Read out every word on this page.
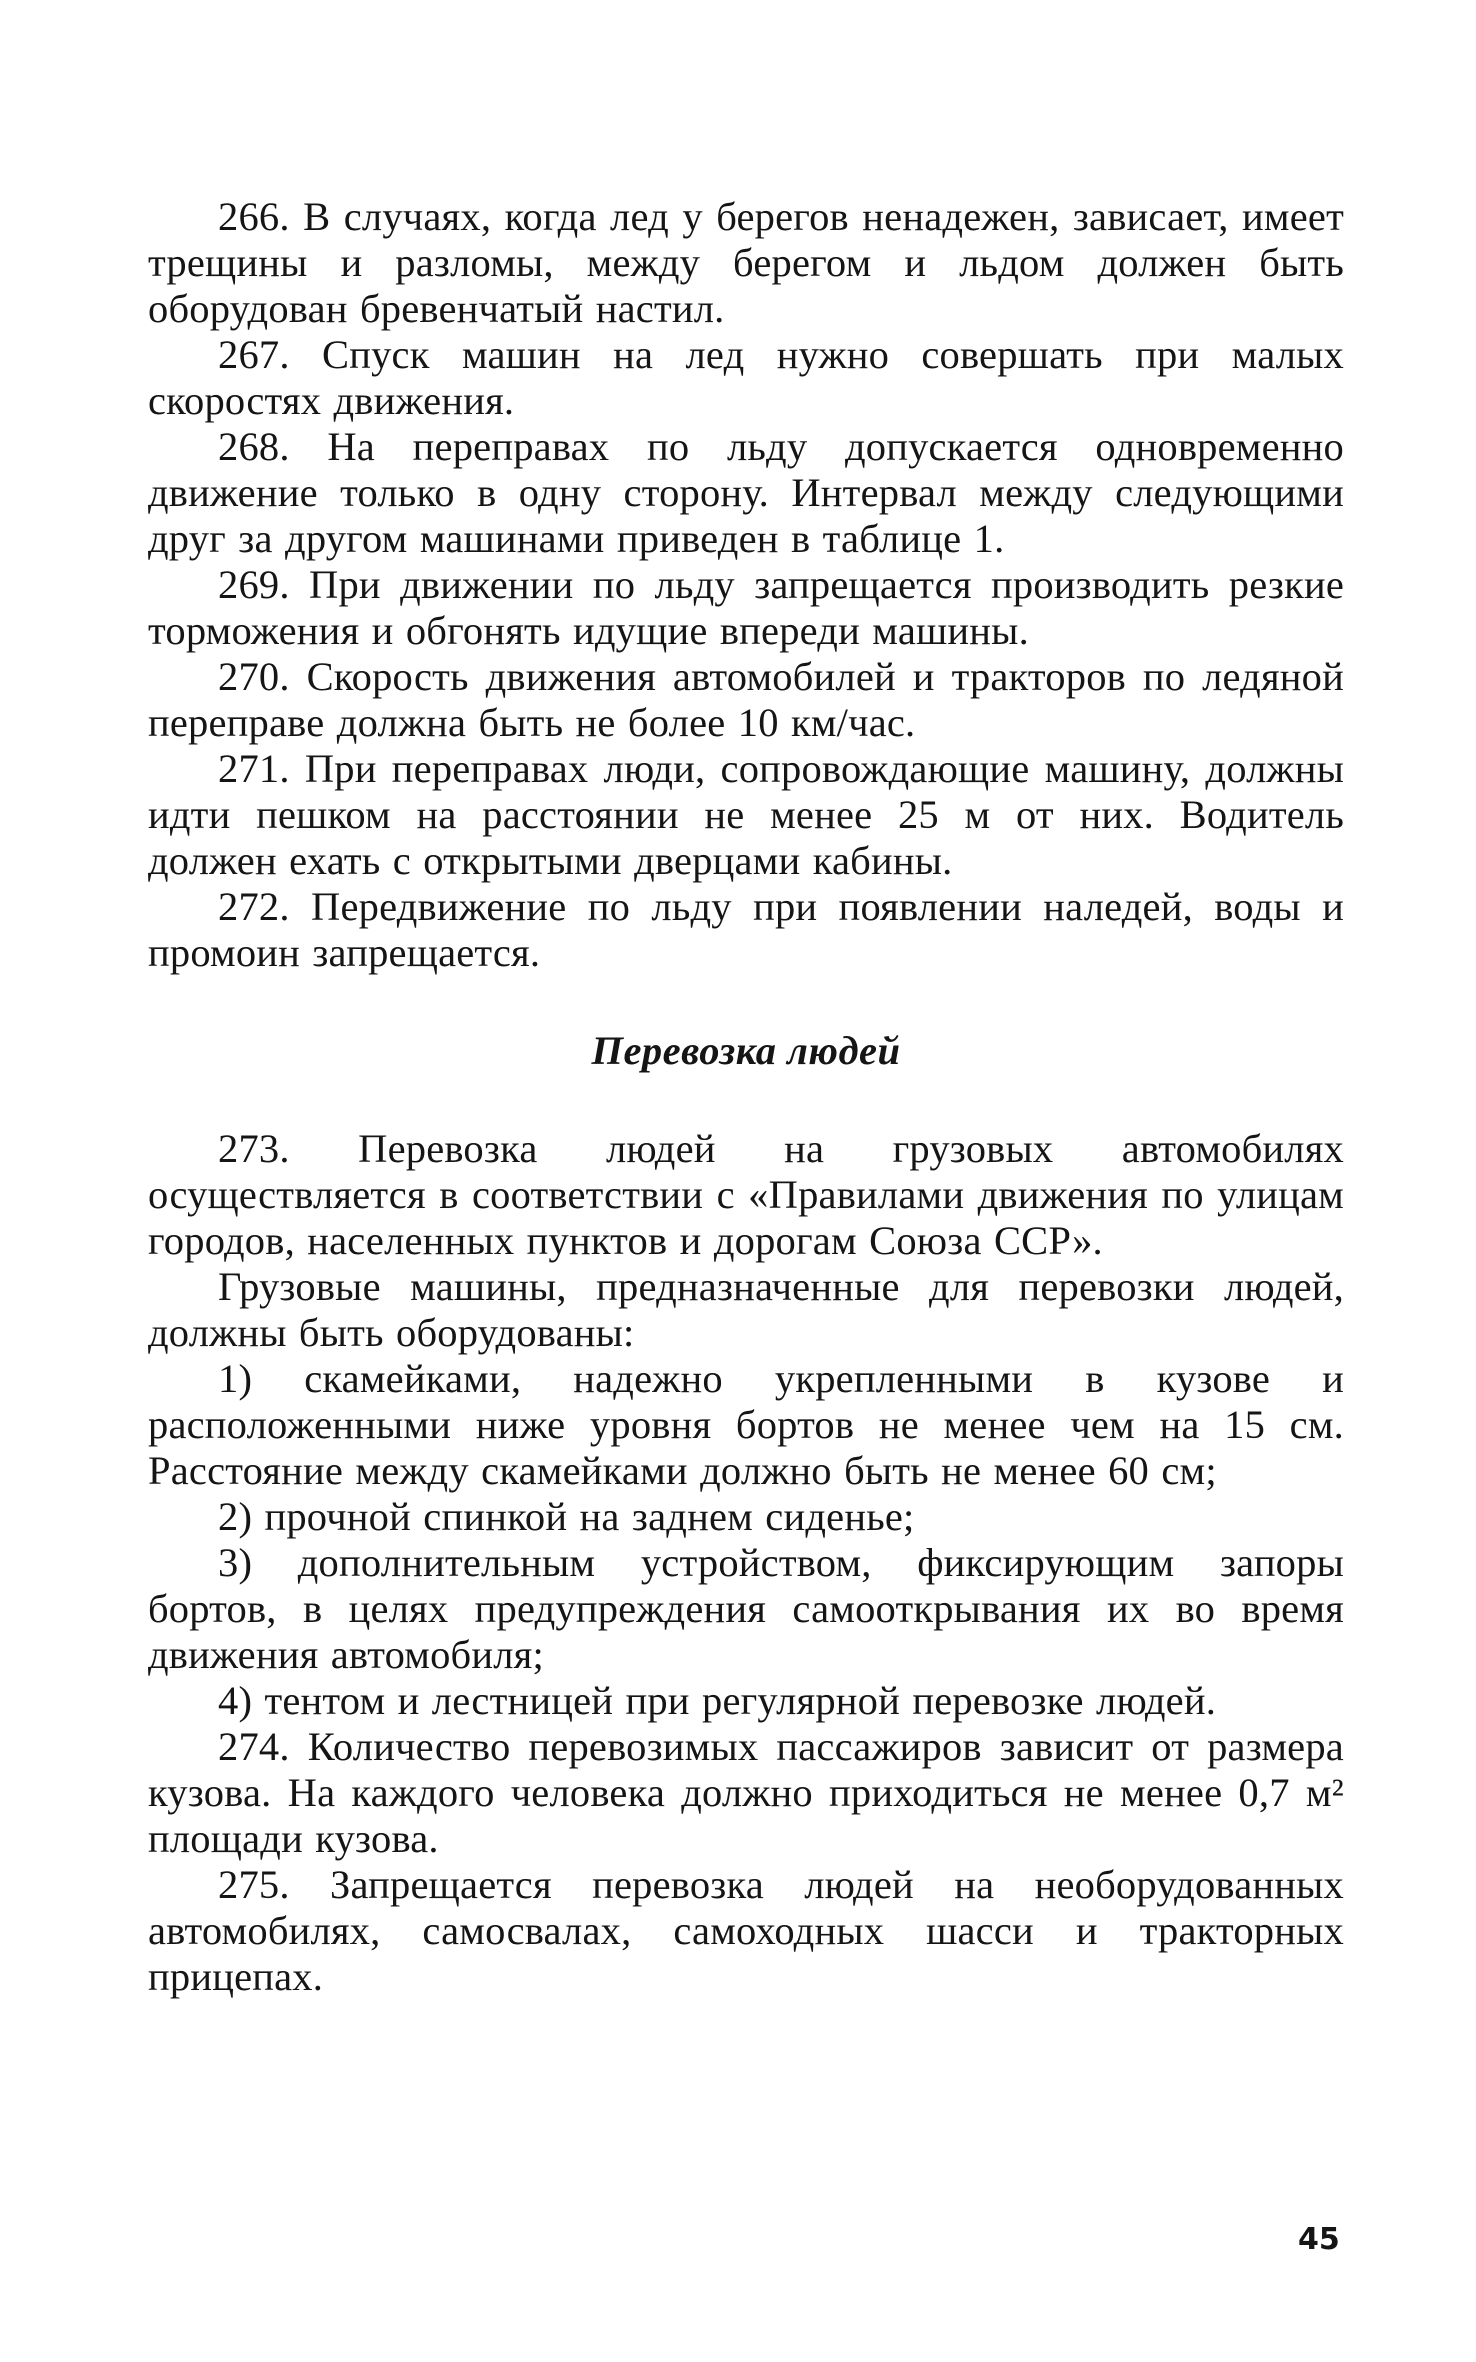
266. В случаях, когда лед у берегов ненадежен, зависает, имеет трещины и разломы, между берегом и льдом должен быть оборудован бревенчатый настил.

267. Спуск машин на лед нужно совершать при малых скоростях движения.

268. На переправах по льду допускается одновременно движение только в одну сторону. Интервал между следующими друг за другом машинами приведен в таблице 1.

269. При движении по льду запрещается производить резкие торможения и обгонять идущие впереди машины.

270. Скорость движения автомобилей и тракторов по ледяной переправе должна быть не более 10 км/час.

271. При переправах люди, сопровождающие машину, должны идти пешком на расстоянии не менее 25 м от них. Водитель должен ехать с открытыми дверцами кабины.

272. Передвижение по льду при появлении наледей, воды и промоин запрещается.

Перевозка людей

273. Перевозка людей на грузовых автомобилях осуществляется в соответствии с «Правилами движения по улицам городов, населенных пунктов и дорогам Союза ССР».

Грузовые машины, предназначенные для перевозки людей, должны быть оборудованы:

1) скамейками, надежно укрепленными в кузове и расположенными ниже уровня бортов не менее чем на 15 см. Расстояние между скамейками должно быть не менее 60 см;

2) прочной спинкой на заднем сиденье;

3) дополнительным устройством, фиксирующим запоры бортов, в целях предупреждения самооткрывания их во время движения автомобиля;

4) тентом и лестницей при регулярной перевозке людей.

274. Количество перевозимых пассажиров зависит от размера кузова. На каждого человека должно приходиться не менее 0,7 м² площади кузова.

275. Запрещается перевозка людей на необорудованных автомобилях, самосвалах, самоходных шасси и тракторных прицепах.

45
